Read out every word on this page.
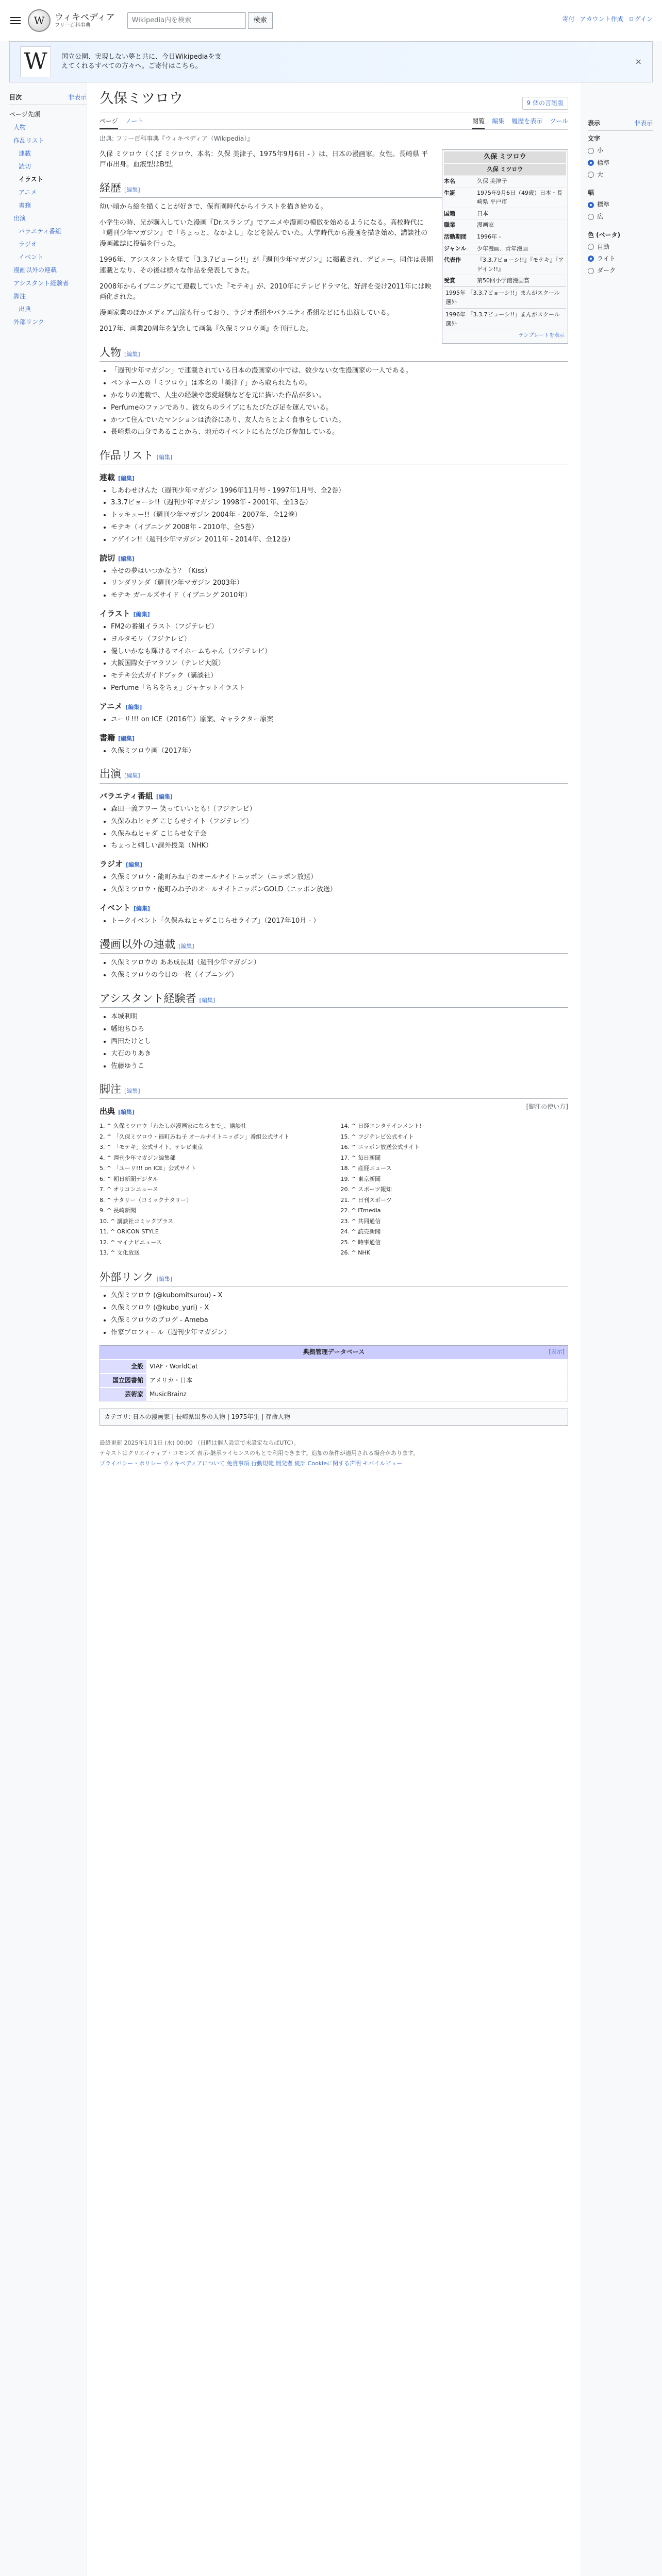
W	ウィキペディア
フリー百科事典
Wikipedia内を検索	検索	寄付 アカウント作成 ログイン
W	国立公園、実現しない夢と共に、今日Wikipediaを支えてくれるすべての方々へ。ご寄付はこちら。	×
目次	非表示
ページ先頭
人物
作品リスト
連載
読切
イラスト
アニメ
書籍
出演
バラエティ番組
ラジオ
イベント
漫画以外の連載
アシスタント経験者
脚注
出典
外部リンク
久保ミツロウ	9 個の言語版
ページ ノート	閲覧 編集 履歴を表示 ツール
出典: フリー百科事典『ウィキペディア（Wikipedia）』
久保 ミツロウ
久保 ミツロウ
本名	久保 美津子
生誕	1975年9月6日（49歳）日本・長崎県 平戸市
国籍	日本
職業	漫画家
活動期間	1996年 -
ジャンル	少年漫画、青年漫画
代表作	『3.3.7ビョーシ!!』『モテキ』『アゲイン!!』
受賞	第50回小学館漫画賞
1995年 「3.3.7ビョーシ!!」まんがスクール選外
1996年 「3.3.7ビョーシ!!」まんがスクール選外
テンプレートを表示

久保 ミツロウ（くぼ ミツロウ、本名：久保 美津子、1975年9月6日 - ）は、日本の漫画家。女性。長崎県 平戸市出身。血液型はB型。

経歴 [編集]

幼い頃から絵を描くことが好きで、保育園時代からイラストを描き始める。

小学生の時、兄が購入していた漫画『Dr.スランプ』でアニメや漫画の模倣を始めるようになる。高校時代に『週刊少年マガジン』で「ちょっと、なかよし」などを読んでいた。大学時代から漫画を描き始め、講談社の漫画雑誌に投稿を行った。

1996年、アシスタントを経て「3.3.7ビョーシ!!」が『週刊少年マガジン』に掲載され、デビュー。同作は長期連載となり、その後は様々な作品を発表してきた。

2008年からイブニングにて連載していた『モテキ』が、2010年にテレビドラマ化、好評を受け2011年には映画化された。

漫画家業のほかメディア出演も行っており、ラジオ番組やバラエティ番組などにも出演している。

2017年、画業20周年を記念して画集『久保ミツロウ画』を刊行した。

人物 [編集]
• 「週刊少年マガジン」で連載されている日本の漫画家の中では、数少ない女性漫画家の一人である。
• ペンネームの「ミツロウ」は本名の「美津子」から取られたもの。
• かなりの連載で、人生の経験や恋愛経験などを元に描いた作品が多い。
• Perfumeのファンであり、彼女らのライブにもたびたび足を運んでいる。
• かつて住んでいたマンションは渋谷にあり、友人たちとよく食事をしていた。
• 長崎県の出身であることから、地元のイベントにもたびたび参加している。
作品リスト [編集]
連載 [編集]
• しあわせけんた（週刊少年マガジン 1996年11月号 - 1997年1月号、全2巻）
• 3.3.7ビョーシ!!（週刊少年マガジン 1998年 - 2001年、全13巻）
• トッキュー!!（週刊少年マガジン 2004年 - 2007年、全12巻）
• モテキ（イブニング 2008年 - 2010年、全5巻）
• アゲイン!!（週刊少年マガジン 2011年 - 2014年、全12巻）
読切 [編集]
• 幸せの夢はいつかなう？（Kiss）
• リンダリンダ（週刊少年マガジン 2003年）
• モテキ ガールズサイド（イブニング 2010年）
イラスト [編集]
• FM2の番組イラスト（フジテレビ）
• ヨルタモリ（フジテレビ）
• 優しいかなも輝けるマイホームちゃん（フジテレビ）
• 大阪国際女子マラソン（テレビ大阪）
• モテキ公式ガイドブック（講談社）
• Perfume「ちちをちぇ」ジャケットイラスト
アニメ [編集]
• ユーリ!!! on ICE（2016年）原案、キャラクター原案
書籍 [編集]
• 久保ミツロウ画（2017年）
出演 [編集]
バラエティ番組 [編集]
• 森田一義アワー 笑っていいとも!（フジテレビ）
• 久保みねヒャダ こじらせナイト（フジテレビ）
• 久保みねヒャダ こじらせ女子会
• ちょっと刺しい課外授業（NHK）
ラジオ [編集]
• 久保ミツロウ・能町みね子のオールナイトニッポン（ニッポン放送）
• 久保ミツロウ・能町みね子のオールナイトニッポンGOLD（ニッポン放送）
イベント [編集]
• トークイベント「久保みねヒャダこじらせライブ」（2017年10月 - ）
漫画以外の連載 [編集]
• 久保ミツロウの ああ成長期（週刊少年マガジン）
• 久保ミツロウの今日の一枚（イブニング）
アシスタント経験者 [編集]
• 本城利明
• 幡地ちひろ
• 西田たけとし
• 大石のりあき
• 佐藤ゆうこ
脚注 [編集]
出典 [編集]
[脚注の使い方]
1. ^ 久保ミツロウ「わたしが漫画家になるまで」、講談社
2. ^ 「久保ミツロウ・能町みね子 オールナイトニッポン」番組公式サイト
3. ^ 「モテキ」公式サイト、テレビ東京
4. ^ 週刊少年マガジン編集部
5. ^ 「ユーリ!!! on ICE」公式サイト
6. ^ 朝日新聞デジタル
7. ^ オリコンニュース
8. ^ ナタリー（コミックナタリー）
9. ^ 長崎新聞
10. ^ 講談社コミックプラス
11. ^ ORICON STYLE
12. ^ マイナビニュース
13. ^ 文化放送
14. ^ 日経エンタテインメント!
15. ^ フジテレビ公式サイト
16. ^ ニッポン放送公式サイト
17. ^ 毎日新聞
18. ^ 産経ニュース
19. ^ 東京新聞
20. ^ スポーツ報知
21. ^ 日刊スポーツ
22. ^ ITmedia
23. ^ 共同通信
24. ^ 読売新聞
25. ^ 時事通信
26. ^ NHK
外部リンク [編集]
• 久保ミツロウ (@kubomitsurou) - X
• 久保ミツロウ (@kubo_yuri) - X
• 久保ミツロウのブログ - Ameba
• 作家プロフィール（週刊少年マガジン）
典拠管理データベース	[表示]
全般	VIAF・WorldCat
国立図書館	アメリカ・日本
芸術家	MusicBrainz
カテゴリ: 日本の漫画家 | 長崎県出身の人物 | 1975年生 | 存命人物
最終更新 2025年1月1日 (水) 00:00 （日時は個人設定で未設定ならばUTC）。
テキストはクリエイティブ・コモンズ 表示-継承ライセンスのもとで利用できます。追加の条件が適用される場合があります。
プライバシー・ポリシー ウィキペディアについて 免責事項 行動規範 開発者 統計 Cookieに関する声明 モバイルビュー
表示	非表示
文字
小
標準
大
幅
標準
広
色 (ベータ)
自動
ライト
ダーク
